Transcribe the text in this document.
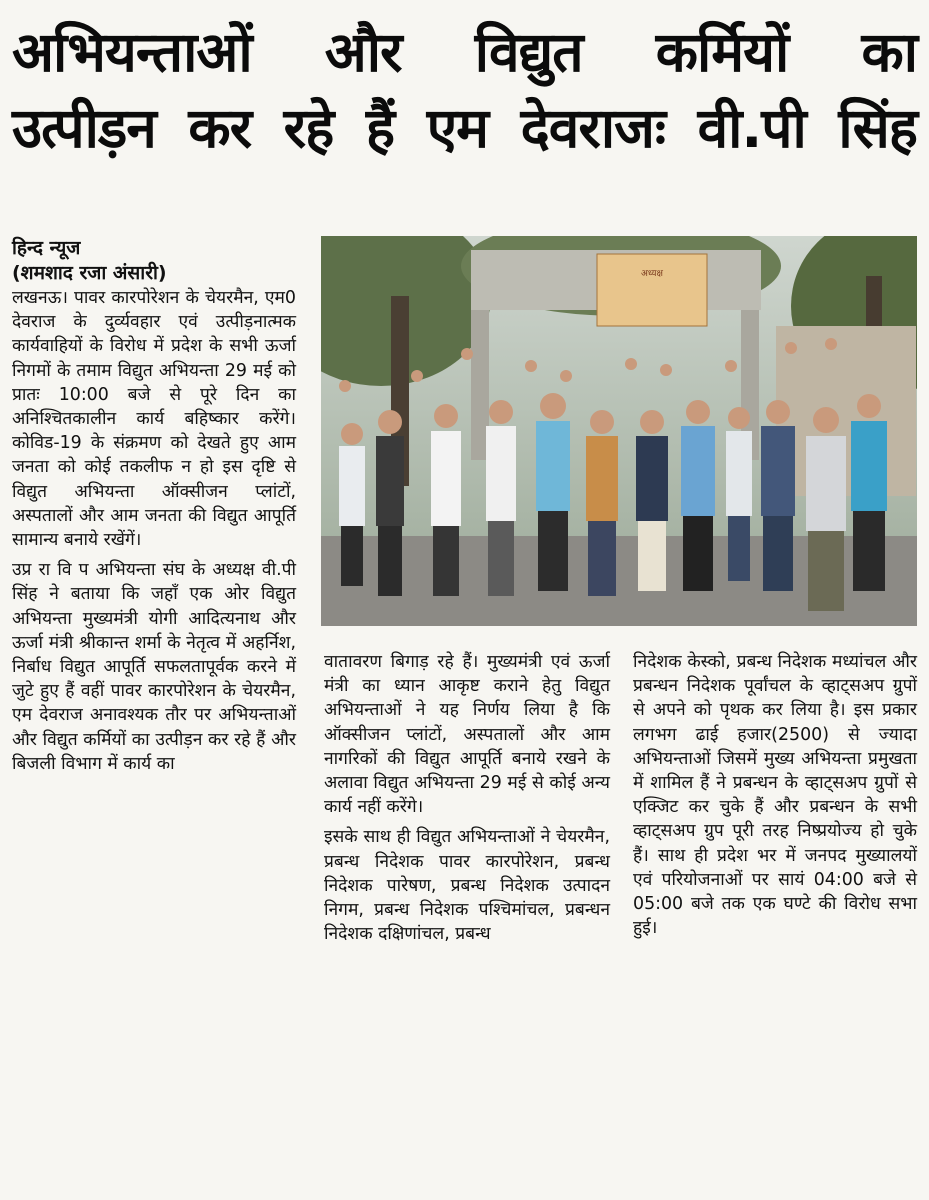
अभियन्ताओं और विद्युत कर्मियों का
उत्पीड़न कर रहे हैं एम देवराजः वी.पी सिंह

हिन्द न्यूज

(शमशाद रजा अंसारी)

लखनऊ। पावर कारपोरेशन के चेयरमैन, एम0 देवराज के दुर्व्यवहार एवं उत्पीड़नात्मक कार्यवाहियों के विरोध में प्रदेश के सभी ऊर्जा निगमों के तमाम विद्युत अभियन्ता 29 मई को प्रातः 10:00 बजे से पूरे दिन का अनिश्चितकालीन कार्य बहिष्कार करेंगे। कोविड-19 के संक्रमण को देखते हुए आम जनता को कोई तकलीफ न हो इस दृष्टि से विद्युत अभियन्ता ऑक्सीजन प्लांटों, अस्पतालों और आम जनता की विद्युत आपूर्ति सामान्य बनाये रखेंगें।

उप्र रा वि प अभियन्ता संघ के अध्यक्ष वी.पी सिंह ने बताया कि जहाँ एक ओर विद्युत अभियन्ता मुख्यमंत्री योगी आदित्यनाथ और ऊर्जा मंत्री श्रीकान्त शर्मा के नेतृत्व में अहर्निश, निर्बाध विद्युत आपूर्ति सफलतापूर्वक करने में जुटे हुए हैं वहीं पावर कारपोरेशन के चेयरमैन, एम देवराज अनावश्यक तौर पर अभियन्ताओं और विद्युत कर्मियों का उत्पीड़न कर रहे हैं और बिजली विभाग में कार्य का

अध्यक्ष

वातावरण बिगाड़ रहे हैं। मुख्यमंत्री एवं ऊर्जा मंत्री का ध्यान आकृष्ट कराने हेतु विद्युत अभियन्ताओं ने यह निर्णय लिया है कि ऑक्सीजन प्लांटों, अस्पतालों और आम नागरिकों की विद्युत आपूर्ति बनाये रखने के अलावा विद्युत अभियन्ता 29 मई से कोई अन्य कार्य नहीं करेंगे।

इसके साथ ही विद्युत अभियन्ताओं ने चेयरमैन, प्रबन्ध निदेशक पावर कारपोरेशन, प्रबन्ध निदेशक पारेषण, प्रबन्ध निदेशक उत्पादन निगम, प्रबन्ध निदेशक पश्चिमांचल, प्रबन्धन निदेशक दक्षिणांचल, प्रबन्ध

निदेशक केस्को, प्रबन्ध निदेशक मध्यांचल और प्रबन्धन निदेशक पूर्वांचल के व्हाट्सअप ग्रुपों से अपने को पृथक कर लिया है। इस प्रकार लगभग ढाई हजार(2500) से ज्यादा अभियन्ताओं जिसमें मुख्य अभियन्ता प्रमुखता में शामिल हैं ने प्रबन्धन के व्हाट्सअप ग्रुपों से एक्जिट कर चुके हैं और प्रबन्धन के सभी व्हाट्सअप ग्रुप पूरी तरह निष्प्रयोज्य हो चुके हैं। साथ ही प्रदेश भर में जनपद मुख्यालयों एवं परियोजनाओं पर सायं 04:00 बजे से 05:00 बजे तक एक घण्टे की विरोध सभा हुई।
